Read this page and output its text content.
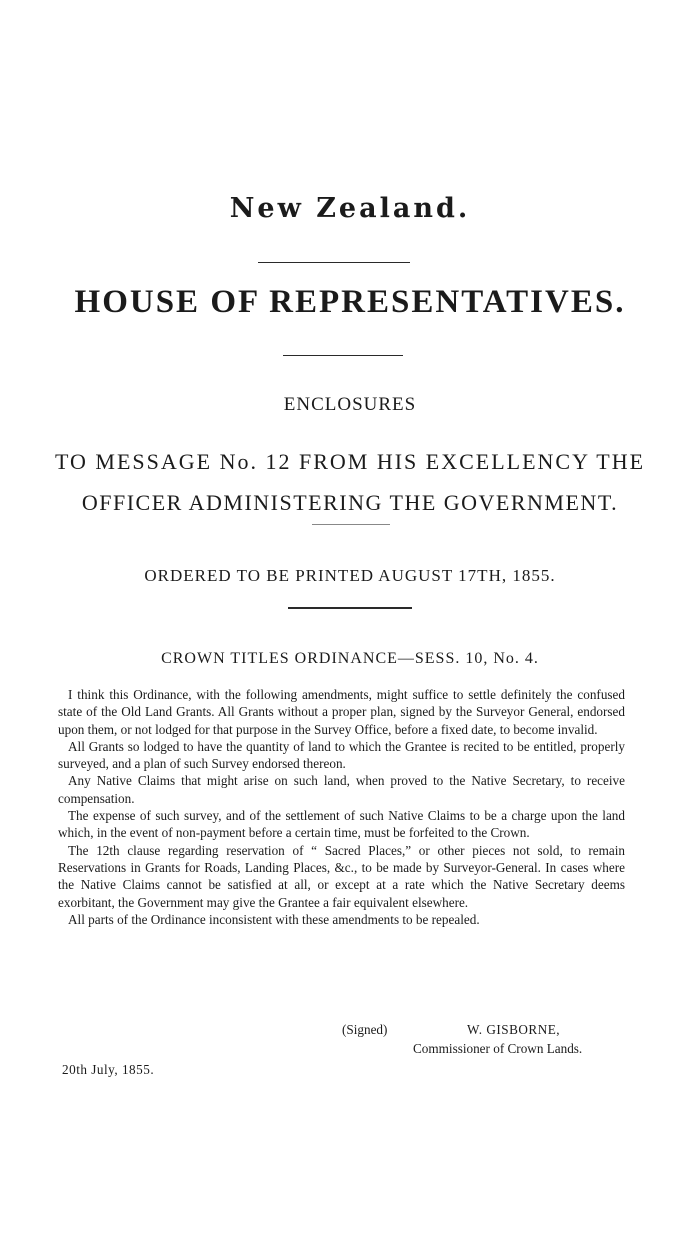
New Zealand.
HOUSE OF REPRESENTATIVES.
ENCLOSURES
TO MESSAGE No. 12 FROM HIS EXCELLENCY THE
OFFICER ADMINISTERING THE GOVERNMENT.
ORDERED TO BE PRINTED AUGUST 17TH, 1855.
CROWN TITLES ORDINANCE—SESS. 10, No. 4.

I think this Ordinance, with the following amendments, might suffice to settle definitely the confused state of the Old Land Grants. All Grants without a proper plan, signed by the Surveyor General, endorsed upon them, or not lodged for that purpose in the Survey Office, before a fixed date, to become invalid.

All Grants so lodged to have the quantity of land to which the Grantee is recited to be entitled, properly surveyed, and a plan of such Survey endorsed thereon.

Any Native Claims that might arise on such land, when proved to the Native Secretary, to receive compensation.

The expense of such survey, and of the settlement of such Native Claims to be a charge upon the land which, in the event of non-payment before a certain time, must be forfeited to the Crown.

The 12th clause regarding reservation of “ Sacred Places,” or other pieces not sold, to remain Reservations in Grants for Roads, Landing Places, &c., to be made by Surveyor-General. In cases where the Native Claims cannot be satisfied at all, or except at a rate which the Native Secretary deems exorbitant, the Government may give the Grantee a fair equivalent elsewhere.

All parts of the Ordinance inconsistent with these amendments to be repealed.

(Signed)	W. GISBORNE,
Commissioner of Crown Lands.
20th July, 1855.
